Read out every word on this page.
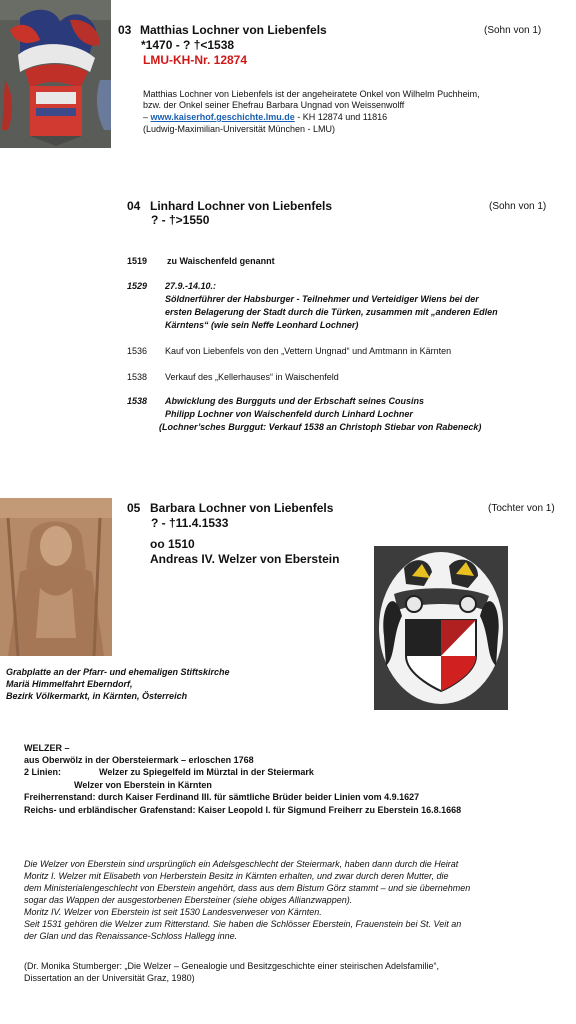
03 Matthias Lochner von Liebenfels	(Sohn von 1)
*1470 - ? †<1538
LMU-KH-Nr. 12874
Matthias Lochner von Liebenfels ist der angeheiratete Onkel von Wilhelm Puchheim,
bzw. der Onkel seiner Ehefrau Barbara Ungnad von Weissenwolff
– www.kaiserhof.geschichte.lmu.de - KH 12874 und 11816
(Ludwig-Maximilian-Universität München - LMU)
04 Linhard Lochner von Liebenfels	(Sohn von 1)
? - †>1550
1519 zu Waischenfeld genannt
1529 27.9.-14.10.:
Söldnerführer der Habsburger - Teilnehmer und Verteidiger Wiens bei der
ersten Belagerung der Stadt durch die Türken, zusammen mit „anderen Edlen
Kärntens“ (wie sein Neffe Leonhard Lochner)
1536 Kauf von Liebenfels von den „Vettern Ungnad“ und Amtmann in Kärnten
1538 Verkauf des „Kellerhauses“ in Waischenfeld
1538 Abwicklung des Burgguts und der Erbschaft seines Cousins
Philipp Lochner von Waischenfeld durch Linhard Lochner
(Lochner’sches Burggut: Verkauf 1538 an Christoph Stiebar von Rabeneck)
05 Barbara Lochner von Liebenfels	(Tochter von 1)
? - †11.4.1533
oo 1510
Andreas IV. Welzer von Eberstein
Grabplatte an der Pfarr- und ehemaligen Stiftskirche
Mariä Himmelfahrt Eberndorf,
Bezirk Völkermarkt, in Kärnten, Österreich
WELZER –
aus Oberwölz in der Obersteiermark – erloschen 1768
2 Linien:	Welzer zu Spiegelfeld im Mürztal in der Steiermark
Welzer von Eberstein in Kärnten
Freiherrenstand: durch Kaiser Ferdinand III. für sämtliche Brüder beider Linien vom 4.9.1627
Reichs- und erbländischer Grafenstand: Kaiser Leopold I. für Sigmund Freiherr zu Eberstein 16.8.1668
Die Welzer von Eberstein sind ursprünglich ein Adelsgeschlecht der Steiermark, haben dann durch die Heirat
Moritz I. Welzer mit Elisabeth von Herberstein Besitz in Kärnten erhalten, und zwar durch deren Mutter, die
dem Ministerialengeschlecht von Eberstein angehört, dass aus dem Bistum Görz stammt – und sie übernehmen
sogar das Wappen der ausgestorbenen Ebersteiner (siehe obiges Allianzwappen).
Moritz IV. Welzer von Eberstein ist seit 1530 Landesverweser von Kärnten.
Seit 1531 gehören die Welzer zum Ritterstand. Sie haben die Schlösser Eberstein, Frauenstein bei St. Veit an
der Glan und das Renaissance-Schloss Hallegg inne.
(Dr. Monika Stumberger: „Die Welzer – Genealogie und Besitzgeschichte einer steirischen Adelsfamilie“,
Dissertation an der Universität Graz, 1980)
